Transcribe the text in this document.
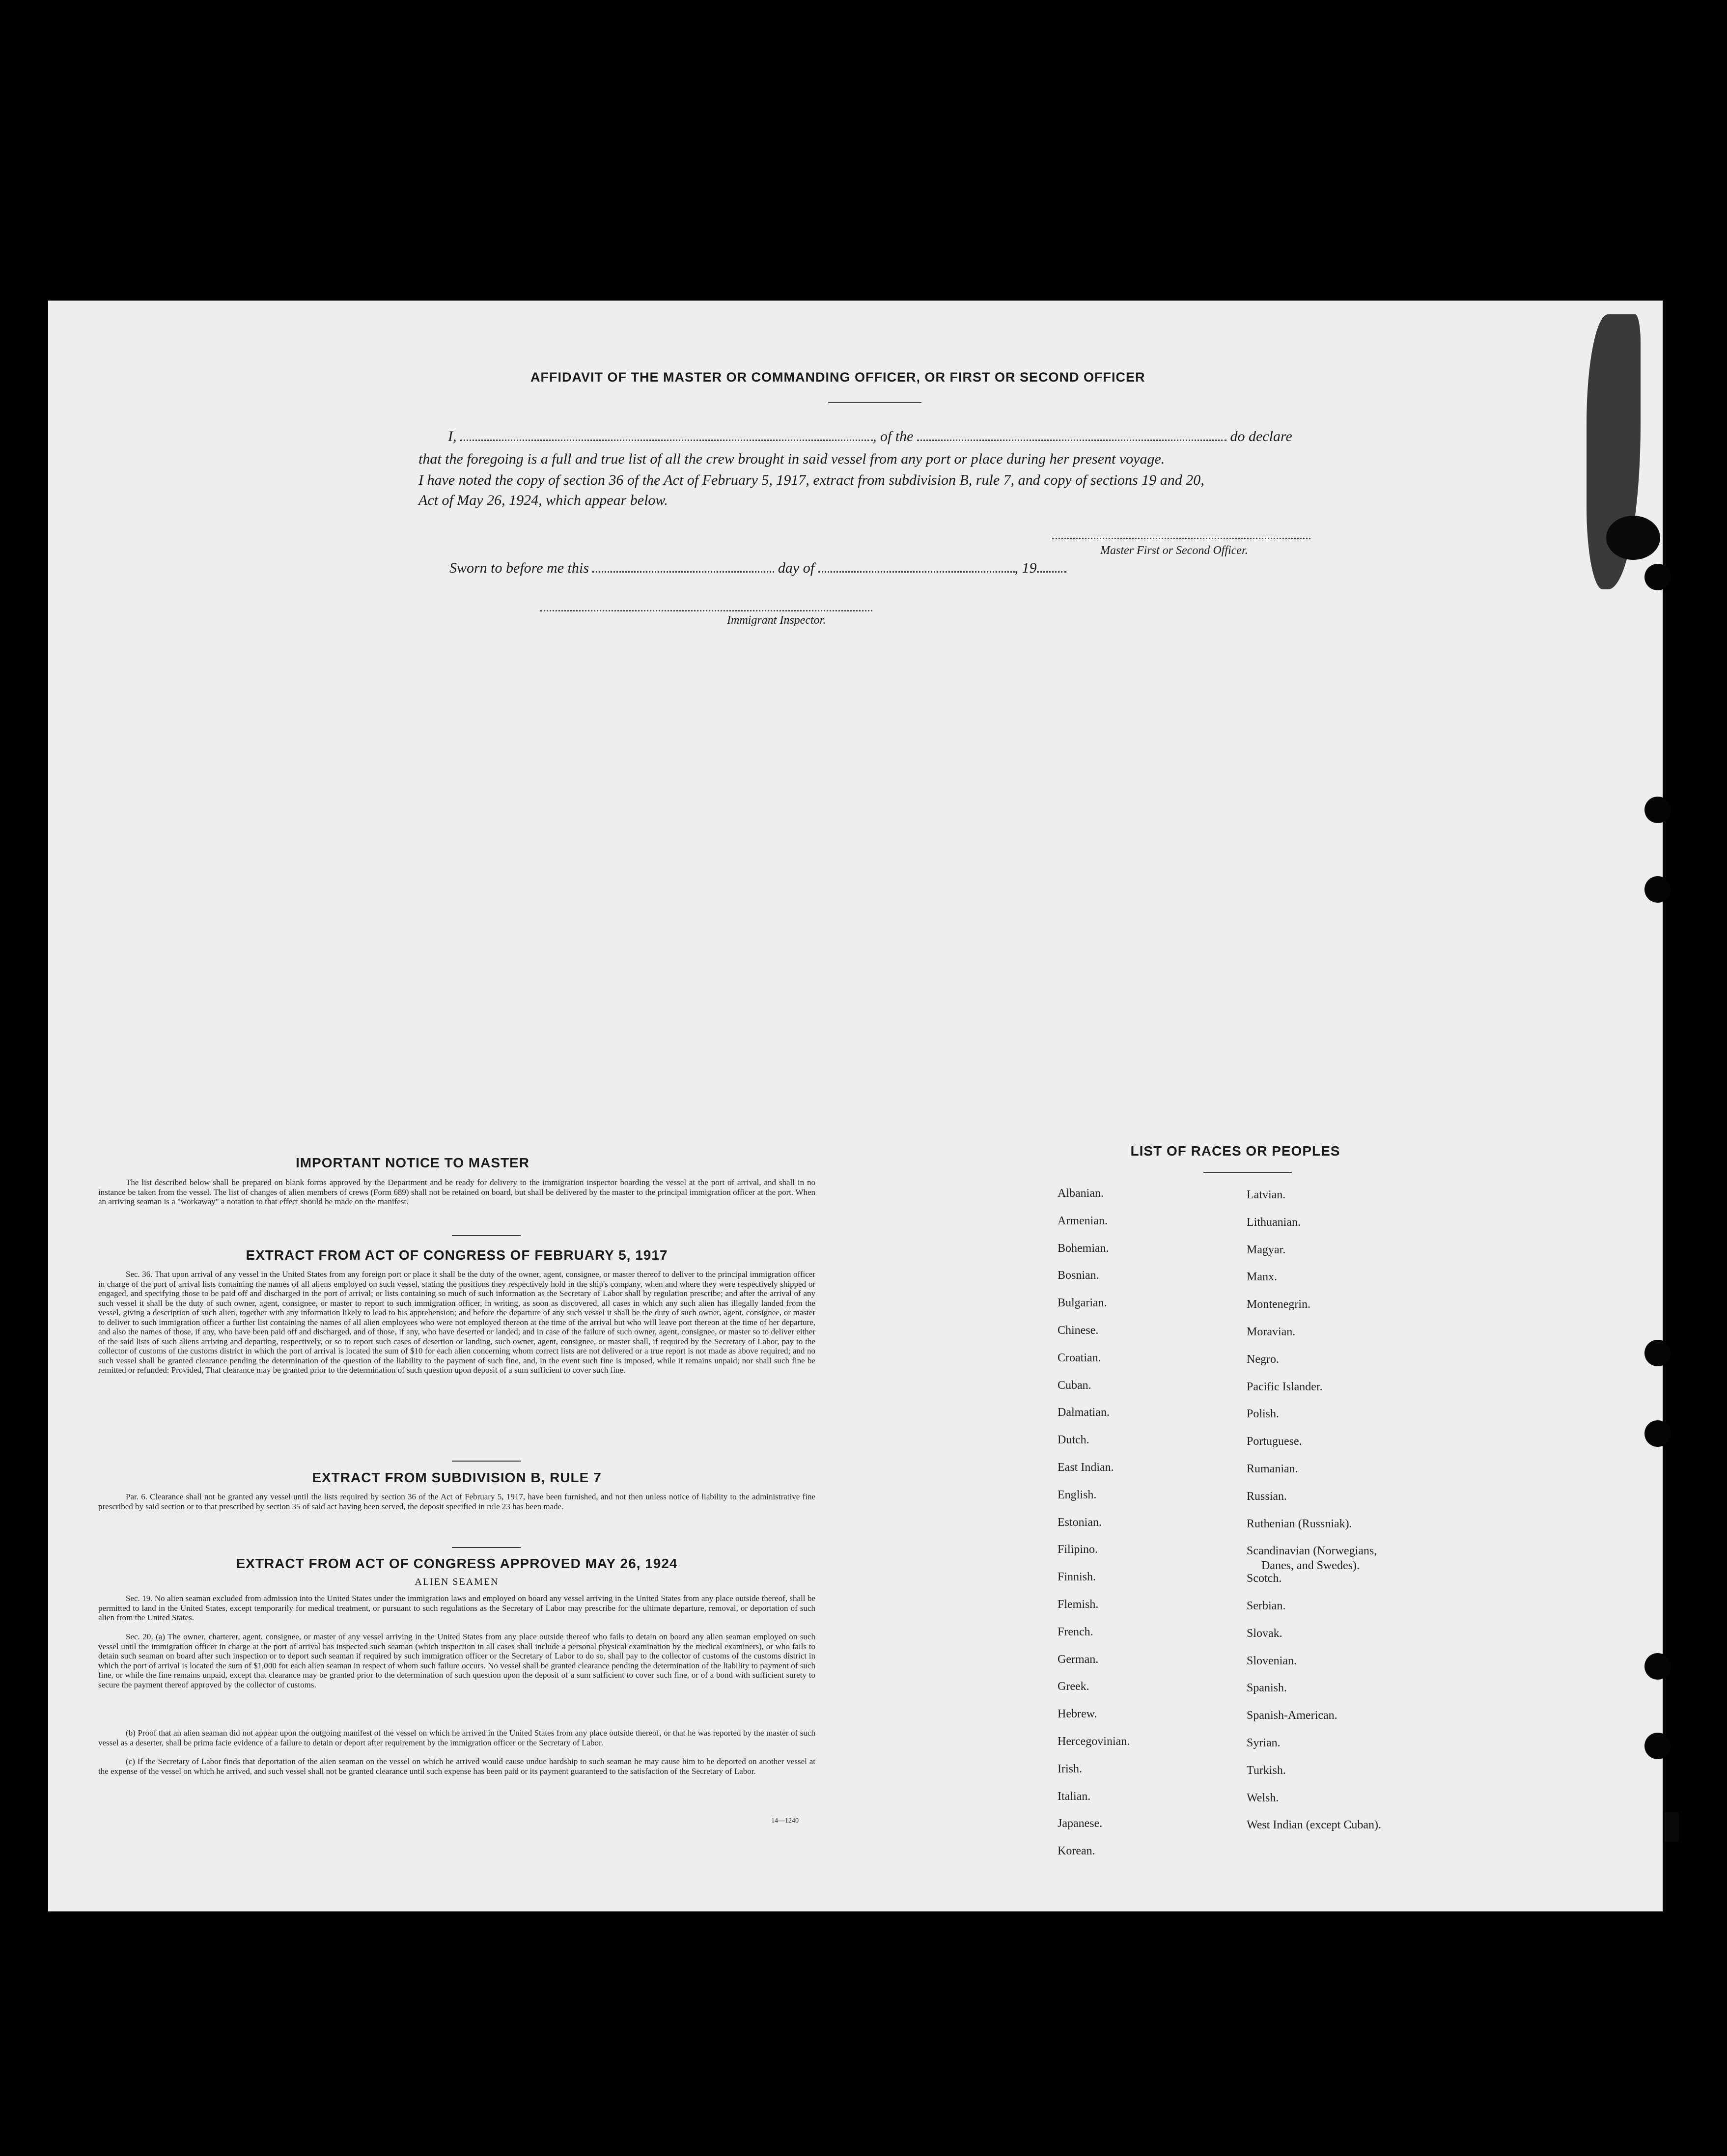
AFFIDAVIT OF THE MASTER OR COMMANDING OFFICER, OR FIRST OR SECOND OFFICER
I,	, of the	do declare
that the foregoing is a full and true list of all the crew brought in said vessel from any port or place during her present voyage.
I have noted the copy of section 36 of the Act of February 5, 1917, extract from subdivision B, rule 7, and copy of sections 19 and 20,
Act of May 26, 1924, which appear below.
Master First or Second Officer.
Sworn to before me this	day of	, 19
Immigrant Inspector.
IMPORTANT NOTICE TO MASTER
The list described below shall be prepared on blank forms approved by the Department and be ready for delivery to the immigration inspector boarding the vessel at the port of arrival, and shall in no instance be taken from the vessel. The list of changes of alien members of crews (Form 689) shall not be retained on board, but shall be delivered by the master to the principal immigration officer at the port. When an arriving seaman is a "workaway" a notation to that effect should be made on the manifest.
EXTRACT FROM ACT OF CONGRESS OF FEBRUARY 5, 1917
Sec. 36. That upon arrival of any vessel in the United States from any foreign port or place it shall be the duty of the owner, agent, consignee, or master thereof to deliver to the principal immigration officer in charge of the port of arrival lists containing the names of all aliens employed on such vessel, stating the positions they respectively hold in the ship's company, when and where they were respectively shipped or engaged, and specifying those to be paid off and discharged in the port of arrival; or lists containing so much of such information as the Secretary of Labor shall by regulation prescribe; and after the arrival of any such vessel it shall be the duty of such owner, agent, consignee, or master to report to such immigration officer, in writing, as soon as discovered, all cases in which any such alien has illegally landed from the vessel, giving a description of such alien, together with any information likely to lead to his apprehension; and before the departure of any such vessel it shall be the duty of such owner, agent, consignee, or master to deliver to such immigration officer a further list containing the names of all alien employees who were not employed thereon at the time of the arrival but who will leave port thereon at the time of her departure, and also the names of those, if any, who have been paid off and discharged, and of those, if any, who have deserted or landed; and in case of the failure of such owner, agent, consignee, or master so to deliver either of the said lists of such aliens arriving and departing, respectively, or so to report such cases of desertion or landing, such owner, agent, consignee, or master shall, if required by the Secretary of Labor, pay to the collector of customs of the customs district in which the port of arrival is located the sum of $10 for each alien concerning whom correct lists are not delivered or a true report is not made as above required; and no such vessel shall be granted clearance pending the determination of the question of the liability to the payment of such fine, and, in the event such fine is imposed, while it remains unpaid; nor shall such fine be remitted or refunded: Provided, That clearance may be granted prior to the determination of such question upon deposit of a sum sufficient to cover such fine.
EXTRACT FROM SUBDIVISION B, RULE 7
Par. 6. Clearance shall not be granted any vessel until the lists required by section 36 of the Act of February 5, 1917, have been furnished, and not then unless notice of liability to the administrative fine prescribed by said section or to that prescribed by section 35 of said act having been served, the deposit specified in rule 23 has been made.
EXTRACT FROM ACT OF CONGRESS APPROVED MAY 26, 1924
ALIEN SEAMEN
Sec. 19. No alien seaman excluded from admission into the United States under the immigration laws and employed on board any vessel arriving in the United States from any place outside thereof, shall be permitted to land in the United States, except temporarily for medical treatment, or pursuant to such regulations as the Secretary of Labor may prescribe for the ultimate departure, removal, or deportation of such alien from the United States.
Sec. 20. (a) The owner, charterer, agent, consignee, or master of any vessel arriving in the United States from any place outside thereof who fails to detain on board any alien seaman employed on such vessel until the immigration officer in charge at the port of arrival has inspected such seaman (which inspection in all cases shall include a personal physical examination by the medical examiners), or who fails to detain such seaman on board after such inspection or to deport such seaman if required by such immigration officer or the Secretary of Labor to do so, shall pay to the collector of customs of the customs district in which the port of arrival is located the sum of $1,000 for each alien seaman in respect of whom such failure occurs. No vessel shall be granted clearance pending the determination of the liability to payment of such fine, or while the fine remains unpaid, except that clearance may be granted prior to the determination of such question upon the deposit of a sum sufficient to cover such fine, or of a bond with sufficient surety to secure the payment thereof approved by the collector of customs.
(b) Proof that an alien seaman did not appear upon the outgoing manifest of the vessel on which he arrived in the United States from any place outside thereof, or that he was reported by the master of such vessel as a deserter, shall be prima facie evidence of a failure to detain or deport after requirement by the immigration officer or the Secretary of Labor.
(c) If the Secretary of Labor finds that deportation of the alien seaman on the vessel on which he arrived would cause undue hardship to such seaman he may cause him to be deported on another vessel at the expense of the vessel on which he arrived, and such vessel shall not be granted clearance until such expense has been paid or its payment guaranteed to the satisfaction of the Secretary of Labor.
14—1240
LIST OF RACES OR PEOPLES
Albanian.
Armenian.
Bohemian.
Bosnian.
Bulgarian.
Chinese.
Croatian.
Cuban.
Dalmatian.
Dutch.
East Indian.
English.
Estonian.
Filipino.
Finnish.
Flemish.
French.
German.
Greek.
Hebrew.
Hercegovinian.
Irish.
Italian.
Japanese.
Korean.
Latvian.
Lithuanian.
Magyar.
Manx.
Montenegrin.
Moravian.
Negro.
Pacific Islander.
Polish.
Portuguese.
Rumanian.
Russian.
Ruthenian (Russniak).
Scandinavian (Norwegians,
Danes, and Swedes).
Scotch.
Serbian.
Slovak.
Slovenian.
Spanish.
Spanish-American.
Syrian.
Turkish.
Welsh.
West Indian (except Cuban).
